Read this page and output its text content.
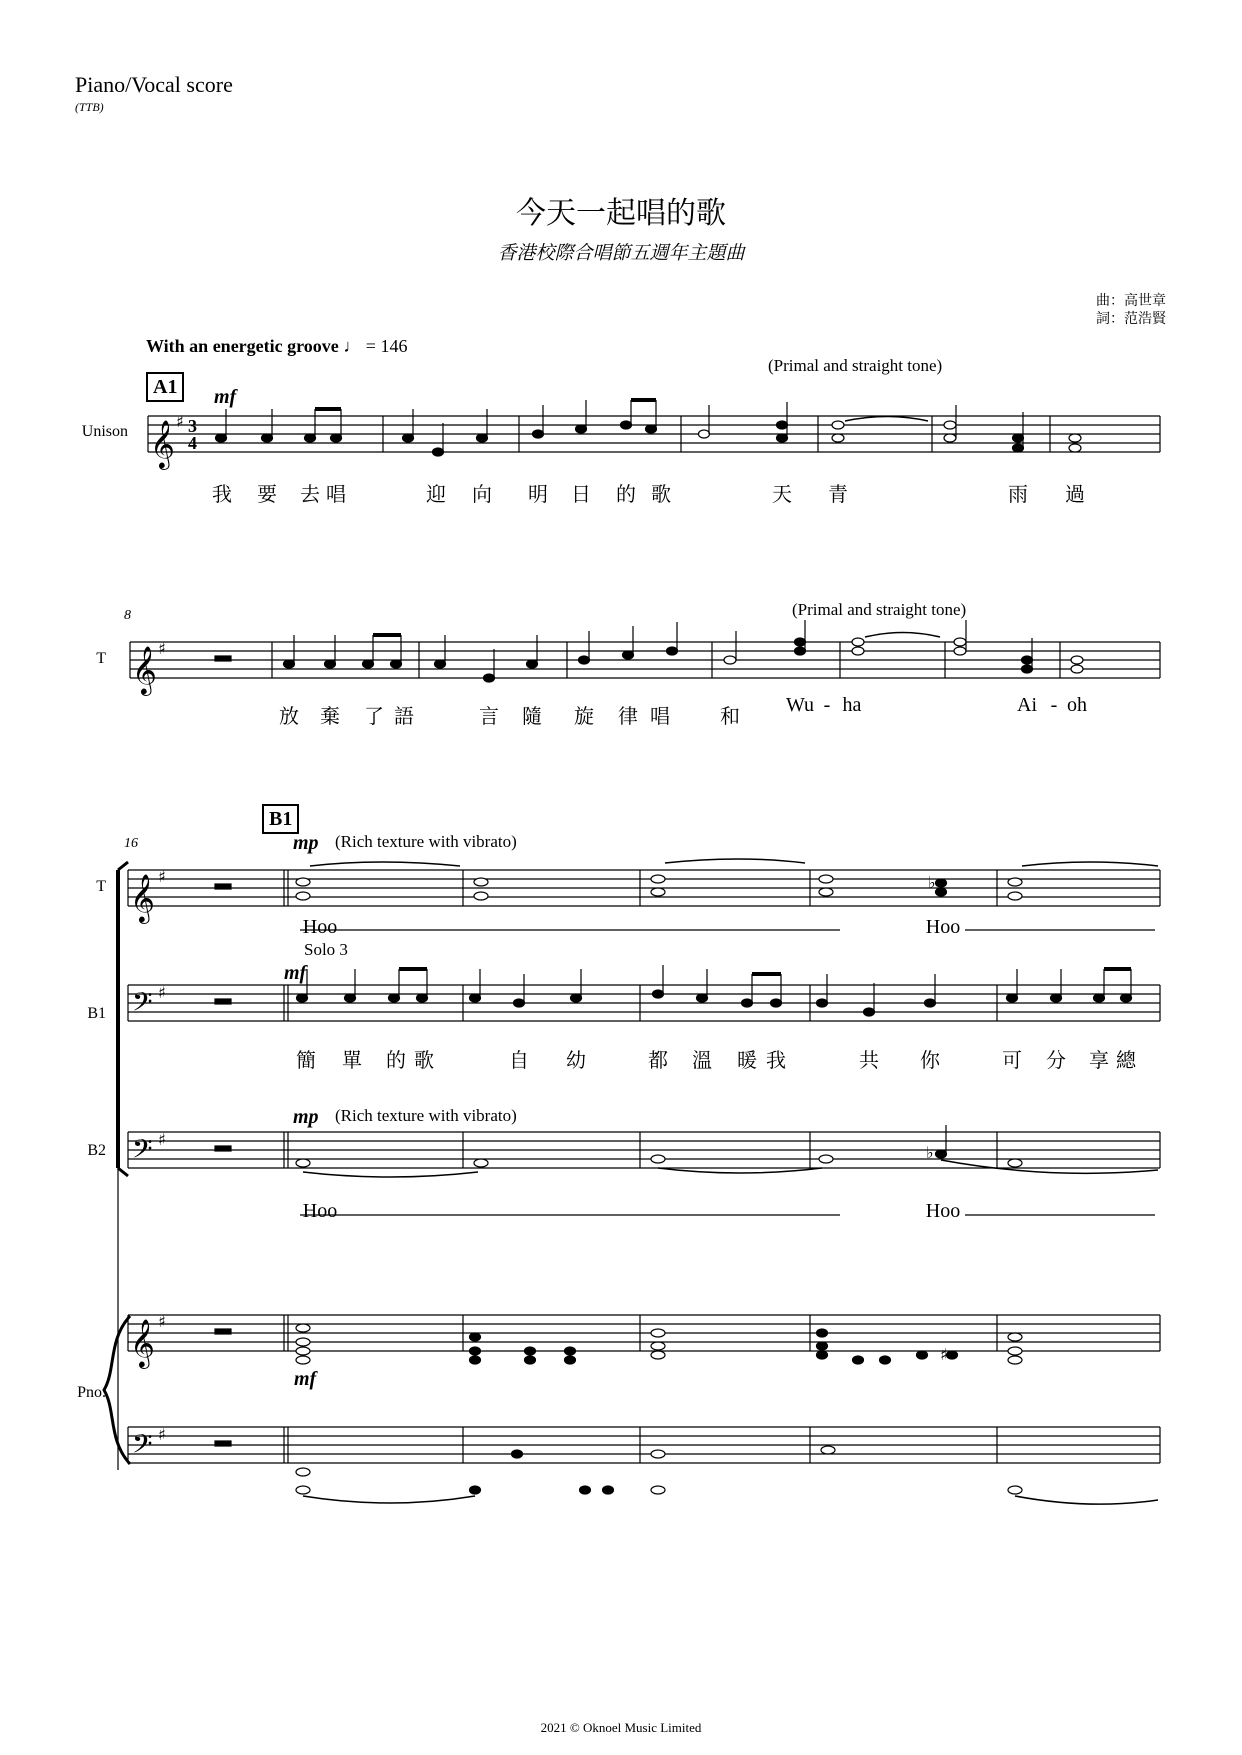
Piano/Vocal score
(TTB)
今天一起唱的歌
香港校際合唱節五週年主題曲
曲：高世章
詞：范浩賢
With an energetic groove ♩ = 146
A1
(Primal and straight tone)
mf
Unison 𝄞
𝄞
𝄞
𝄞
𝄢
𝄢
𝄢
♯
♯
♯
♯
♯
♯
♯
♭
♭
♯
3
4
我	要	去 唱	迎	向	明	日	的 歌	天	青	雨	過
8	(Primal and straight tone)
T
放	棄	了 語	言	隨	旋	律 唱	和
Wu - ha	Ai - oh
16
B1
mp (Rich texture with vibrato)
T
Hoo	Hoo
Solo 3
mf
B1
簡	單	的 歌	自	幼	都	溫	暖 我	共	你	可	分	享 總
mp (Rich texture with vibrato)
B2
Hoo	Hoo
mf
Pno.
2021 © Oknoel Music Limited
